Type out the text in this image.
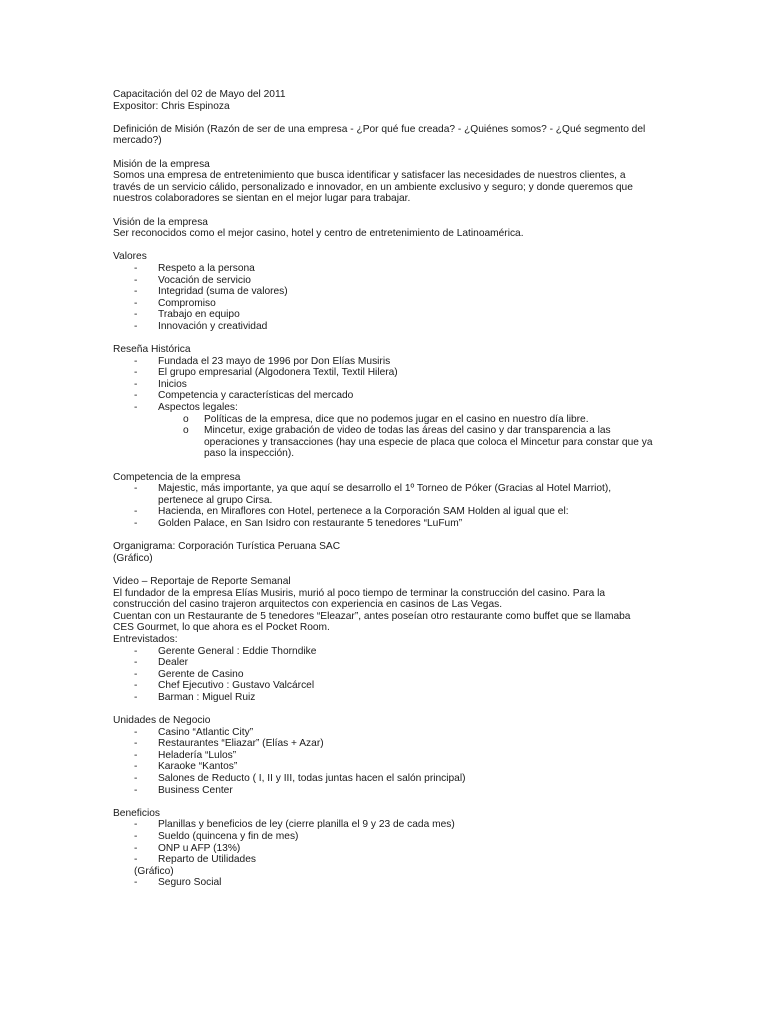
Capacitación del 02 de Mayo del 2011
Expositor: Chris Espinoza
Definición de Misión (Razón de ser de una empresa - ¿Por qué fue creada? - ¿Quiénes somos? - ¿Qué segmento del mercado?)
Misión de la empresa
Somos una empresa de entretenimiento que busca identificar y satisfacer las necesidades de nuestros clientes, a través de un servicio cálido, personalizado e innovador, en un ambiente exclusivo y seguro; y donde queremos que nuestros colaboradores se sientan en el mejor lugar para trabajar.
Visión de la empresa
Ser reconocidos como el mejor casino, hotel y centro de entretenimiento de Latinoamérica.
Valores
- Respeto a la persona
- Vocación de servicio
- Integridad (suma de valores)
- Compromiso
- Trabajo en equipo
- Innovación y creatividad
Reseña Histórica
- Fundada el 23 mayo de 1996 por Don Elías Musiris
- El grupo empresarial (Algodonera Textil, Textil Hilera)
- Inicios
- Competencia y características del mercado
- Aspectos legales:
o Políticas de la empresa, dice que no podemos jugar en el casino en nuestro día libre.
o Mincetur, exige grabación de video de todas las áreas del casino y dar transparencia a las operaciones y transacciones (hay una especie de placa que coloca el Mincetur para constar que ya paso la inspección).
Competencia de la empresa
- Majestic, más importante, ya que aquí se desarrollo el 1º Torneo de Póker (Gracias al Hotel Marriot), pertenece al grupo Cirsa.
- Hacienda, en Miraflores con Hotel, pertenece a la Corporación SAM Holden al igual que el:
- Golden Palace, en San Isidro con restaurante 5 tenedores “LuFum”
Organigrama: Corporación Turística Peruana SAC
(Gráfico)
Video – Reportaje de Reporte Semanal
El fundador de la empresa Elías Musiris, murió al poco tiempo de terminar la construcción del casino. Para la construcción del casino trajeron arquitectos con experiencia en casinos de Las Vegas.
Cuentan con un Restaurante de 5 tenedores “Eleazar”, antes poseían otro restaurante como buffet que se llamaba CES Gourmet, lo que ahora es el Pocket Room.
Entrevistados:
- Gerente General : Eddie Thorndike
- Dealer
- Gerente de Casino
- Chef Ejecutivo : Gustavo Valcárcel
- Barman : Miguel Ruiz
Unidades de Negocio
- Casino “Atlantic City”
- Restaurantes “Eliazar” (Elías + Azar)
- Heladería “Lulos”
- Karaoke “Kantos”
- Salones de Reducto ( I, II y III, todas juntas hacen el salón principal)
- Business Center
Beneficios
- Planillas y beneficios de ley (cierre planilla el 9 y 23 de cada mes)
- Sueldo (quincena y fin de mes)
- ONP u AFP (13%)
- Reparto de Utilidades
(Gráfico)
- Seguro Social
